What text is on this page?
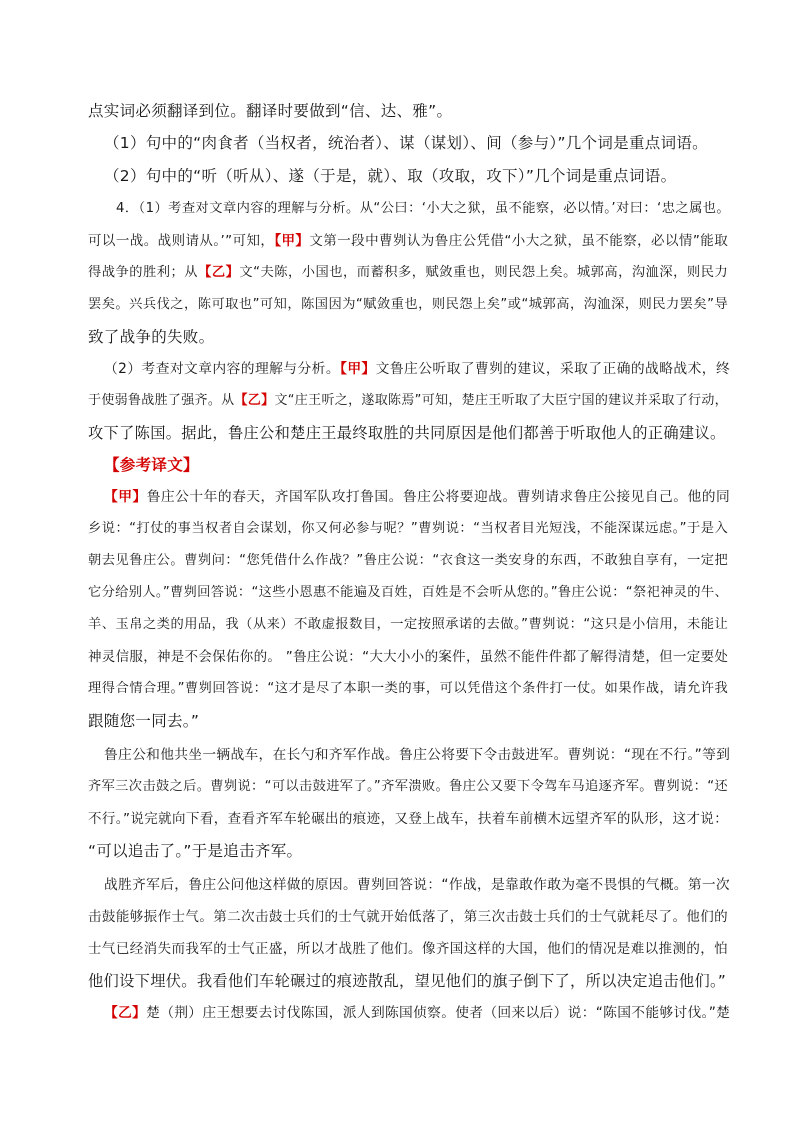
点实词必须翻译到位。翻译时要做到“信、达、雅”。
（1）句中的“肉食者（当权者，统治者）、谋（谋划）、间（参与）”几个词是重点词语。
（2）句中的“听（听从）、遂（于是，就）、取（攻取，攻下）”几个词是重点词语。
4．（1）考查对文章内容的理解与分析。从“公曰：‘小大之狱，虽不能察，必以情。’对曰：‘忠之属也。
可以一战。战则请从。’”可知，【甲】文第一段中曹刿认为鲁庄公凭借“小大之狱，虽不能察，必以情”能取
得战争的胜利；从【乙】文“夫陈，小国也，而蓄积多，赋敛重也，则民怨上矣。城郭高，沟洫深，则民力
罢矣。兴兵伐之，陈可取也”可知，陈国因为“赋敛重也，则民怨上矣”或“城郭高，沟洫深，则民力罢矣”导
致了战争的失败。
（2）考查对文章内容的理解与分析。【甲】文鲁庄公听取了曹刿的建议，采取了正确的战略战术，终
于使弱鲁战胜了强齐。从【乙】文“庄王听之，遂取陈焉”可知，楚庄王听取了大臣宁国的建议并采取了行动，
攻下了陈国。据此，鲁庄公和楚庄王最终取胜的共同原因是他们都善于听取他人的正确建议。
【参考译文】
【甲】鲁庄公十年的春天，齐国军队攻打鲁国。鲁庄公将要迎战。曹刿请求鲁庄公接见自己。他的同
乡说：“打仗的事当权者自会谋划，你又何必参与呢？”曹刿说：“当权者目光短浅，不能深谋远虑。”于是入
朝去见鲁庄公。曹刿问：“您凭借什么作战？”鲁庄公说：“衣食这一类安身的东西，不敢独自享有，一定把
它分给别人。”曹刿回答说：“这些小恩惠不能遍及百姓，百姓是不会听从您的。”鲁庄公说：“祭祀神灵的牛、
羊、玉帛之类的用品，我（从来）不敢虚报数目，一定按照承诺的去做。”曹刿说：“这只是小信用，未能让
神灵信服，神是不会保佑你的。 ”鲁庄公说：“大大小小的案件，虽然不能件件都了解得清楚，但一定要处
理得合情合理。”曹刿回答说：“这才是尽了本职一类的事，可以凭借这个条件打一仗。如果作战，请允许我
跟随您一同去。”
鲁庄公和他共坐一辆战车，在长勺和齐军作战。鲁庄公将要下令击鼓进军。曹刿说：“现在不行。”等到
齐军三次击鼓之后。曹刿说：“可以击鼓进军了。”齐军溃败。鲁庄公又要下令驾车马追逐齐军。曹刿说：“还
不行。”说完就向下看，查看齐军车轮碾出的痕迹，又登上战车，扶着车前横木远望齐军的队形，这才说：
“可以追击了。”于是追击齐军。
战胜齐军后，鲁庄公问他这样做的原因。曹刿回答说：“作战，是靠敢作敢为毫不畏惧的气概。第一次
击鼓能够振作士气。第二次击鼓士兵们的士气就开始低落了，第三次击鼓士兵们的士气就耗尽了。他们的
士气已经消失而我军的士气正盛，所以才战胜了他们。像齐国这样的大国，他们的情况是难以推测的，怕
他们设下埋伏。我看他们车轮碾过的痕迹散乱，望见他们的旗子倒下了，所以决定追击他们。”
【乙】楚（荆）庄王想要去讨伐陈国，派人到陈国侦察。使者（回来以后）说：“陈国不能够讨伐。”楚
